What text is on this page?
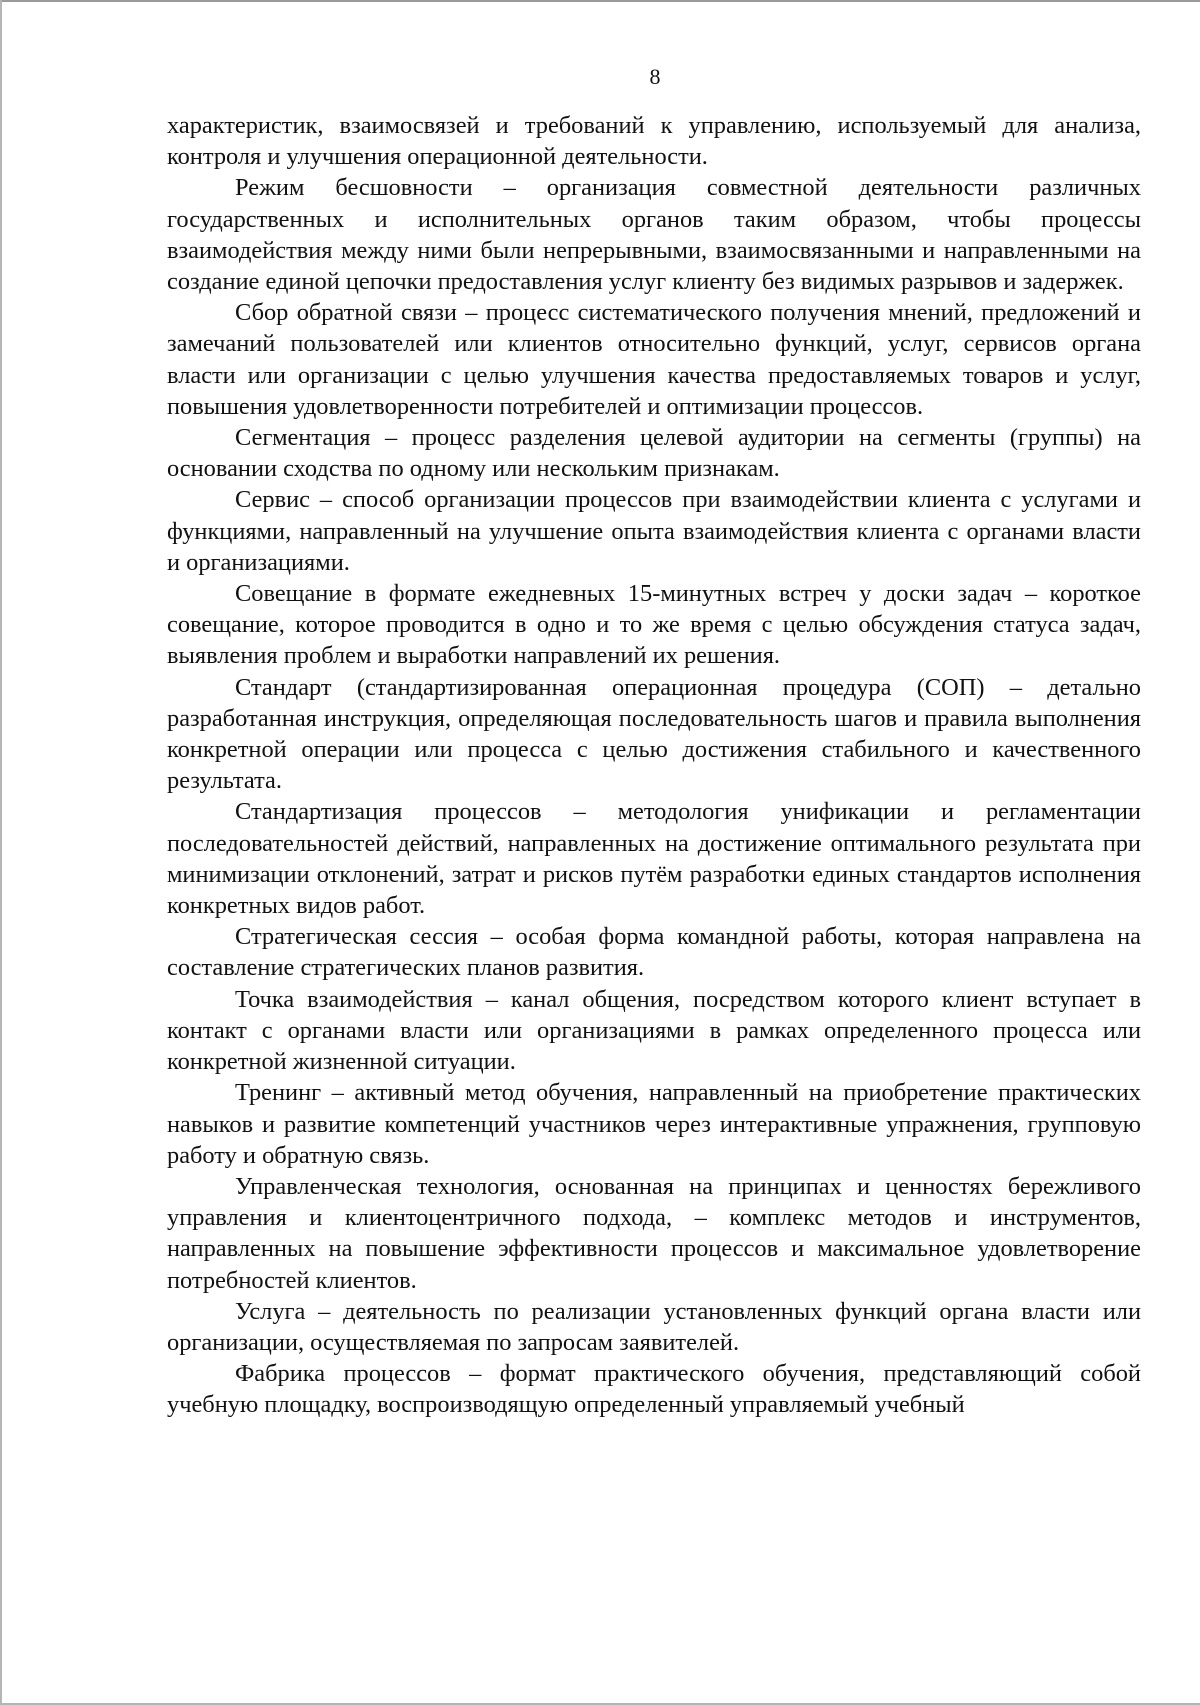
8

характеристик, взаимосвязей и требований к управлению, используемый для анализа, контроля и улучшения операционной деятельности.

Режим бесшовности – организация совместной деятельности различных государственных и исполнительных органов таким образом, чтобы процессы взаимодействия между ними были непрерывными, взаимосвязанными и направленными на создание единой цепочки предоставления услуг клиенту без видимых разрывов и задержек.

Сбор обратной связи – процесс систематического получения мнений, предложений и замечаний пользователей или клиентов относительно функций, услуг, сервисов органа власти или организации с целью улучшения качества предоставляемых товаров и услуг, повышения удовлетворенности потребителей и оптимизации процессов.

Сегментация – процесс разделения целевой аудитории на сегменты (группы) на основании сходства по одному или нескольким признакам.

Сервис – способ организации процессов при взаимодействии клиента с услугами и функциями, направленный на улучшение опыта взаимодействия клиента с органами власти и организациями.

Совещание в формате ежедневных 15-минутных встреч у доски задач – короткое совещание, которое проводится в одно и то же время с целью обсуждения статуса задач, выявления проблем и выработки направлений их решения.

Стандарт (стандартизированная операционная процедура (СОП) – детально разработанная инструкция, определяющая последовательность шагов и правила выполнения конкретной операции или процесса с целью достижения стабильного и качественного результата.

Стандартизация процессов – методология унификации и регламентации последовательностей действий, направленных на достижение оптимального результата при минимизации отклонений, затрат и рисков путём разработки единых стандартов исполнения конкретных видов работ.

Стратегическая сессия – особая форма командной работы, которая направлена на составление стратегических планов развития.

Точка взаимодействия – канал общения, посредством которого клиент вступает в контакт с органами власти или организациями в рамках определенного процесса или конкретной жизненной ситуации.

Тренинг – активный метод обучения, направленный на приобретение практических навыков и развитие компетенций участников через интерактивные упражнения, групповую работу и обратную связь.

Управленческая технология, основанная на принципах и ценностях бережливого управления и клиентоцентричного подхода, – комплекс методов и инструментов, направленных на повышение эффективности процессов и максимальное удовлетворение потребностей клиентов.

Услуга – деятельность по реализации установленных функций органа власти или организации, осуществляемая по запросам заявителей.

Фабрика процессов – формат практического обучения, представляющий собой учебную площадку, воспроизводящую определенный управляемый учебный
